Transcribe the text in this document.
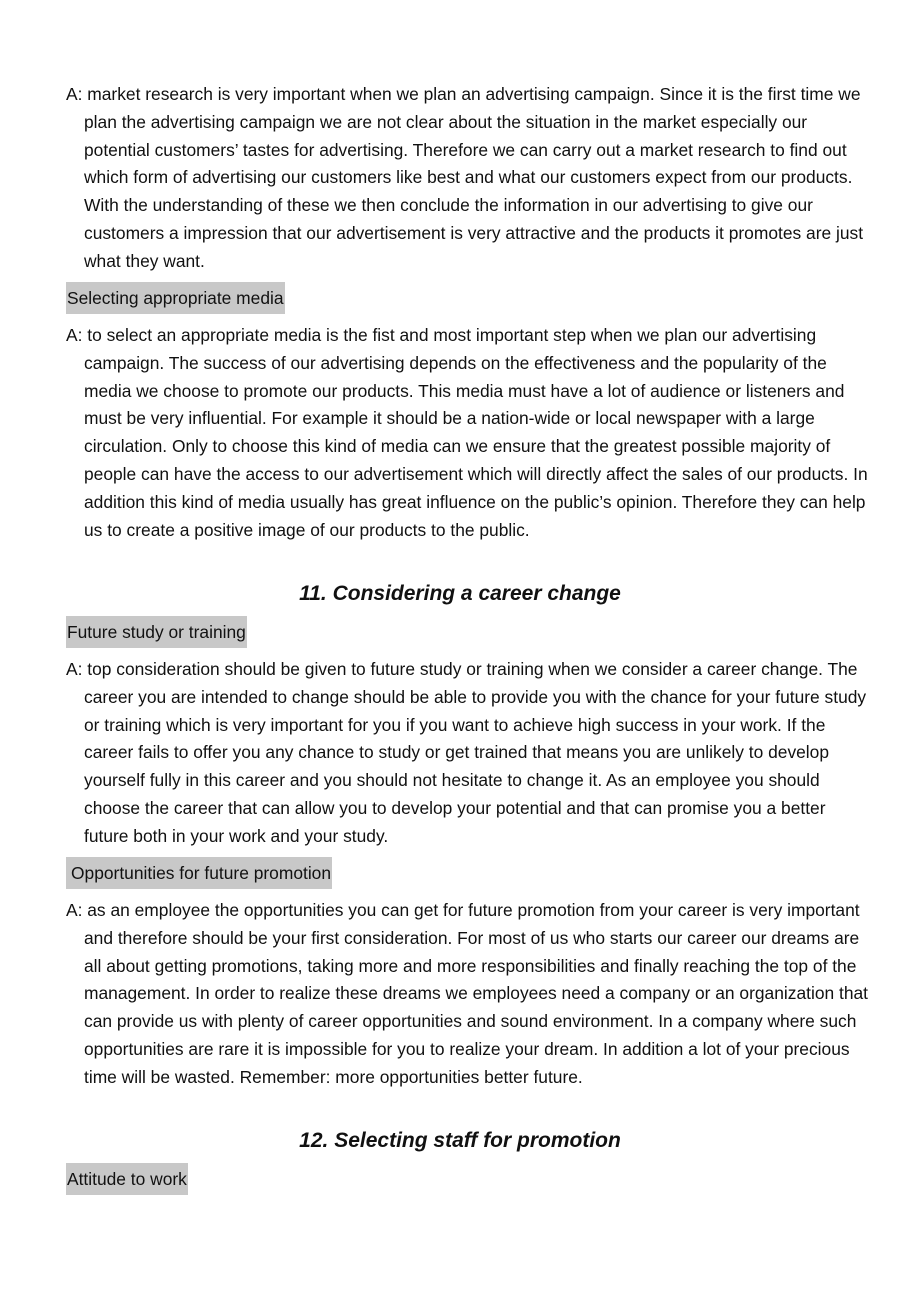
A: market research is very important when we plan an advertising campaign. Since it is the first time we plan the advertising campaign we are not clear about the situation in the market especially our potential customers’ tastes for advertising. Therefore we can carry out a market research to find out which form of advertising our customers like best and what our customers expect from our products. With the understanding of these we then conclude the information in our advertising to give our customers a impression that our advertisement is very attractive and the products it promotes are just what they want.

Selecting appropriate media

A: to select an appropriate media is the fist and most important step when we plan our advertising campaign. The success of our advertising depends on the effectiveness and the popularity of the media we choose to promote our products. This media must have a lot of audience or listeners and must be very influential. For example it should be a nation-wide or local newspaper with a large circulation. Only to choose this kind of media can we ensure that the greatest possible majority of people can have the access to our advertisement which will directly affect the sales of our products. In addition this kind of media usually has great influence on the public’s opinion. Therefore they can help us to create a positive image of our products to the public.

11. Considering a career change
Future study or training

A: top consideration should be given to future study or training when we consider a career change. The career you are intended to change should be able to provide you with the chance for your future study or training which is very important for you if you want to achieve high success in your work. If the career fails to offer you any chance to study or get trained that means you are unlikely to develop yourself fully in this career and you should not hesitate to change it. As an employee you should choose the career that can allow you to develop your potential and that can promise you a better future both in your work and your study.

Opportunities for future promotion

A: as an employee the opportunities you can get for future promotion from your career is very important and therefore should be your first consideration. For most of us who starts our career our dreams are all about getting promotions, taking more and more responsibilities and finally reaching the top of the management. In order to realize these dreams we employees need a company or an organization that can provide us with plenty of career opportunities and sound environment. In a company where such opportunities are rare it is impossible for you to realize your dream. In addition a lot of your precious time will be wasted. Remember: more opportunities better future.

12. Selecting staff for promotion
Attitude to work
